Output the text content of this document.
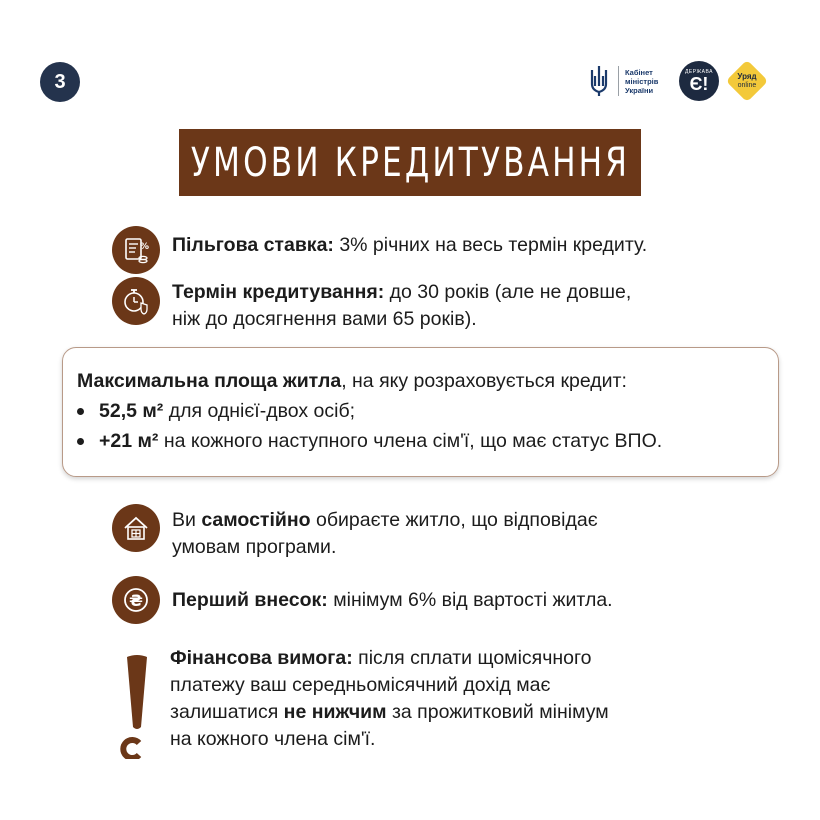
3	Кабінет
міністрів
України
ДЕРЖАВА
Є!	Уряд
online
УМОВИ КРЕДИТУВАННЯ
% Пільгова ставка: 3% річних на весь термін кредиту.
Термін кредитування: до 30 років (але не довше,
ніж до досягнення вами 65 років).
Максимальна площа житла, на яку розраховується кредит:
52,5 м² для однієї-двох осіб;
+21 м² на кожного наступного члена сім'ї, що має статус ВПО.
Ви самостійно обираєте житло, що відповідає
умовам програми.
₴ Перший внесок: мінімум 6% від вартості житла.
Фінансова вимога: після сплати щомісячного
платежу ваш середньомісячний дохід має
залишатися не нижчим за прожитковий мінімум
на кожного члена сім'ї.
